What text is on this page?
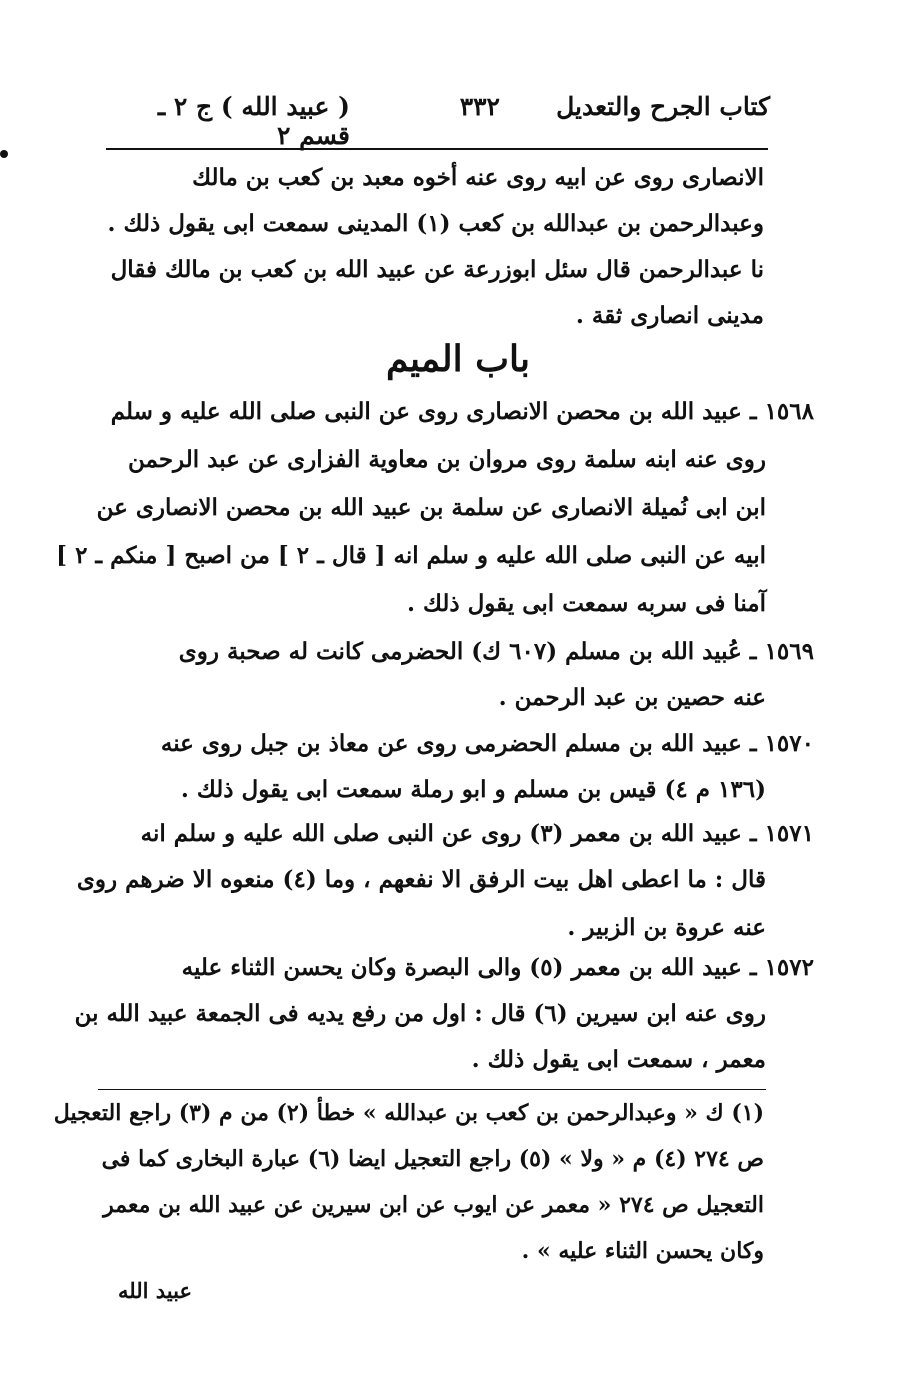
كتاب الجرح والتعديل
٣٣٢
( عبيد الله ) ج ٢ ـ قسم ٢
الانصارى روى عن ابيه روى عنه أخوه معبد بن كعب بن مالك
وعبدالرحمن بن عبدالله بن كعب (١) المدينى سمعت ابى يقول ذلك .
نا عبدالرحمن قال سئل ابوزرعة عن عبيد الله بن كعب بن مالك فقال
مدينى انصارى ثقة .
باب الميم
١٥٦٨ ـ عبيد الله بن محصن الانصارى روى عن النبى صلى الله عليه و سلم
روى عنه ابنه سلمة روى مروان بن معاوية الفزارى عن عبد الرحمن
ابن ابى نُميلة الانصارى عن سلمة بن عبيد الله بن محصن الانصارى عن
ابيه عن النبى صلى الله عليه و سلم انه [ قال ـ ٢ ] من اصبح [ منكم ـ ٢ ]
آمنا فى سربه سمعت ابى يقول ذلك .
١٥٦٩ ـ عُبيد الله بن مسلم (٦٠٧ ك) الحضرمى كانت له صحبة روى
عنه حصين بن عبد الرحمن .
١٥٧٠ ـ عبيد الله بن مسلم الحضرمى روى عن معاذ بن جبل روى عنه
(١٣٦ م ٤) قيس بن مسلم و ابو رملة سمعت ابى يقول ذلك .
١٥٧١ ـ عبيد الله بن معمر (٣) روى عن النبى صلى الله عليه و سلم انه
قال : ما اعطى اهل بيت الرفق الا نفعهم ، وما (٤) منعوه الا ضرهم روى
عنه عروة بن الزبير .
١٥٧٢ ـ عبيد الله بن معمر (٥) والى البصرة وكان يحسن الثناء عليه
روى عنه ابن سيرين (٦) قال : اول من رفع يديه فى الجمعة عبيد الله بن
معمر ، سمعت ابى يقول ذلك .
(١) ك « وعبدالرحمن بن كعب بن عبدالله » خطأ (٢) من م (٣) راجع التعجيل
ص ٢٧٤ (٤) م « ولا » (٥) راجع التعجيل ايضا (٦) عبارة البخارى كما فى
التعجيل ص ٢٧٤ « معمر عن ايوب عن ابن سيرين عن عبيد الله بن معمر
وكان يحسن الثناء عليه » .
عبيد الله
